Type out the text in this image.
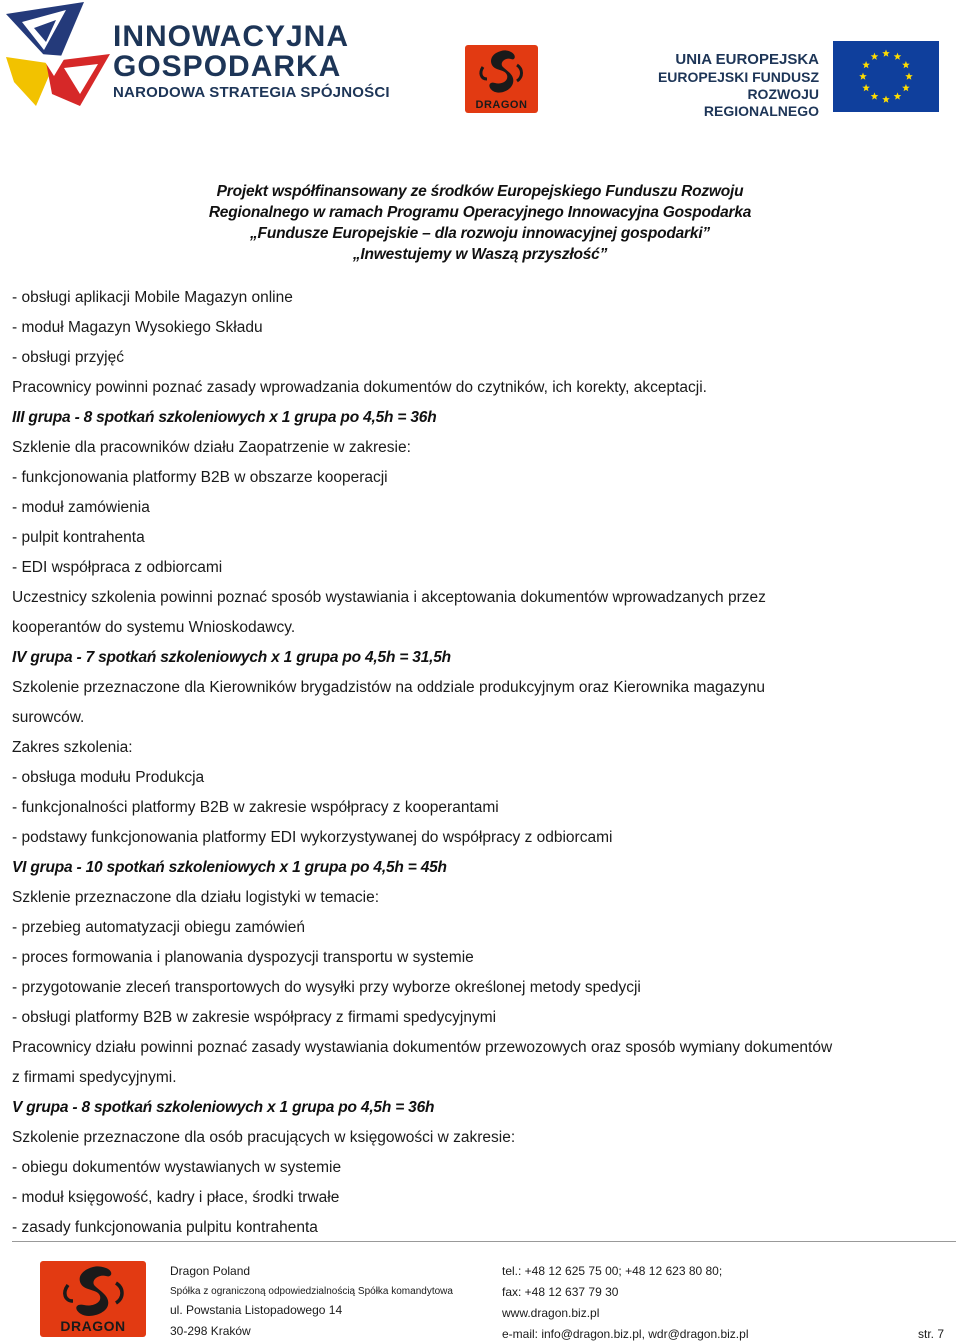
INNOWACYJNA
GOSPODARKA
NARODOWA STRATEGIA SPÓJNOŚCI
DRAGON
UNIA EUROPEJSKA
EUROPEJSKI FUNDUSZ
ROZWOJU REGIONALNEGO
Projekt współfinansowany ze środków Europejskiego Funduszu Rozwoju
Regionalnego w ramach Programu Operacyjnego Innowacyjna Gospodarka
„Fundusze Europejskie – dla rozwoju innowacyjnej gospodarki”
„Inwestujemy w Waszą przyszłość”
- obsługi aplikacji Mobile Magazyn online
- moduł Magazyn Wysokiego Składu
- obsługi przyjęć
Pracownicy powinni poznać zasady wprowadzania dokumentów do czytników, ich korekty, akceptacji.
III grupa - 8 spotkań szkoleniowych x 1 grupa po 4,5h = 36h
Szklenie dla pracowników działu Zaopatrzenie w zakresie:
- funkcjonowania platformy B2B w obszarze kooperacji
- moduł zamówienia
- pulpit kontrahenta
- EDI współpraca z odbiorcami
Uczestnicy szkolenia powinni poznać sposób wystawiania i akceptowania dokumentów wprowadzanych przez
kooperantów do systemu Wnioskodawcy.
IV grupa - 7 spotkań szkoleniowych x 1 grupa po 4,5h = 31,5h
Szkolenie przeznaczone dla Kierowników brygadzistów na oddziale produkcyjnym oraz Kierownika magazynu
surowców.
Zakres szkolenia:
- obsługa modułu Produkcja
- funkcjonalności platformy B2B w zakresie współpracy z kooperantami
- podstawy funkcjonowania platformy EDI wykorzystywanej do współpracy z odbiorcami
VI grupa - 10 spotkań szkoleniowych x 1 grupa po 4,5h = 45h
Szklenie przeznaczone dla działu logistyki w temacie:
- przebieg automatyzacji obiegu zamówień
- proces formowania i planowania dyspozycji transportu w systemie
- przygotowanie zleceń transportowych do wysyłki przy wyborze określonej metody spedycji
- obsługi platformy B2B w zakresie współpracy z firmami spedycyjnymi
Pracownicy działu powinni poznać zasady wystawiania dokumentów przewozowych oraz sposób wymiany dokumentów
z firmami spedycyjnymi.
V grupa - 8 spotkań szkoleniowych x 1 grupa po 4,5h = 36h
Szkolenie przeznaczone dla osób pracujących w księgowości w zakresie:
- obiegu dokumentów wystawianych w systemie
- moduł księgowość, kadry i płace, środki trwałe
- zasady funkcjonowania pulpitu kontrahenta
DRAGON
Dragon Poland
Spółka z ograniczoną odpowiedzialnością Spółka komandytowa
ul. Powstania Listopadowego 14
30-298 Kraków
tel.: +48 12 625 75 00; +48 12 623 80 80;
fax: +48 12 637 79 30
www.dragon.biz.pl
e-mail: info@dragon.biz.pl, wdr@dragon.biz.pl	str. 7
